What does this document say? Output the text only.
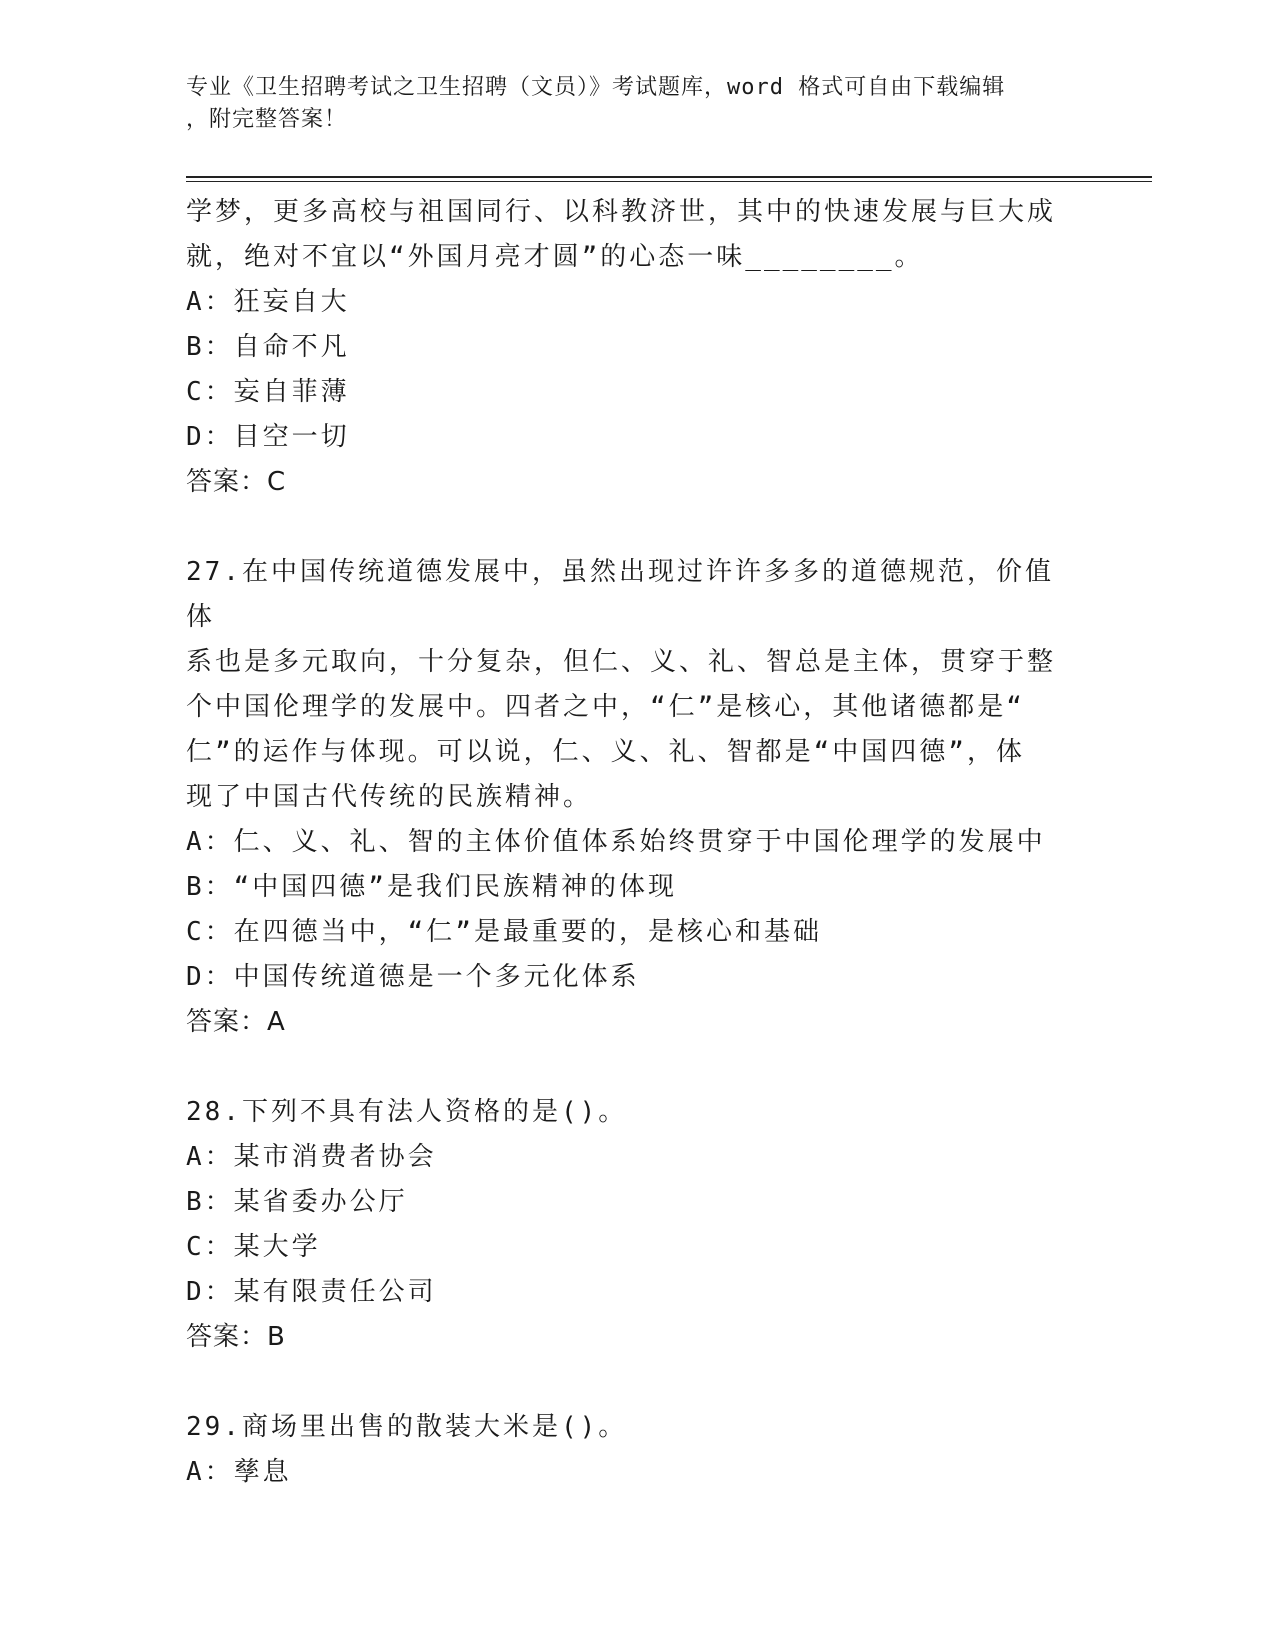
专业《卫生招聘考试之卫生招聘（文员）》考试题库，word 格式可自由下载编辑
，附完整答案！

学梦，更多高校与祖国同行、以科教济世，其中的快速发展与巨大成

就，绝对不宜以“外国月亮才圆”的心态一味________。

A：狂妄自大

B：自命不凡

C：妄自菲薄

D：目空一切

答案：C

27.在中国传统道德发展中，虽然出现过许许多多的道德规范，价值体

系也是多元取向，十分复杂，但仁、义、礼、智总是主体，贯穿于整

个中国伦理学的发展中。四者之中，“仁”是核心，其他诸德都是“

仁”的运作与体现。可以说，仁、义、礼、智都是“中国四德”，体

现了中国古代传统的民族精神。

A：仁、义、礼、智的主体价值体系始终贯穿于中国伦理学的发展中

B：“中国四德”是我们民族精神的体现

C：在四德当中，“仁”是最重要的，是核心和基础

D：中国传统道德是一个多元化体系

答案：A

28.下列不具有法人资格的是()。

A：某市消费者协会

B：某省委办公厅

C：某大学

D：某有限责任公司

答案：B

29.商场里出售的散装大米是()。

A：孳息
